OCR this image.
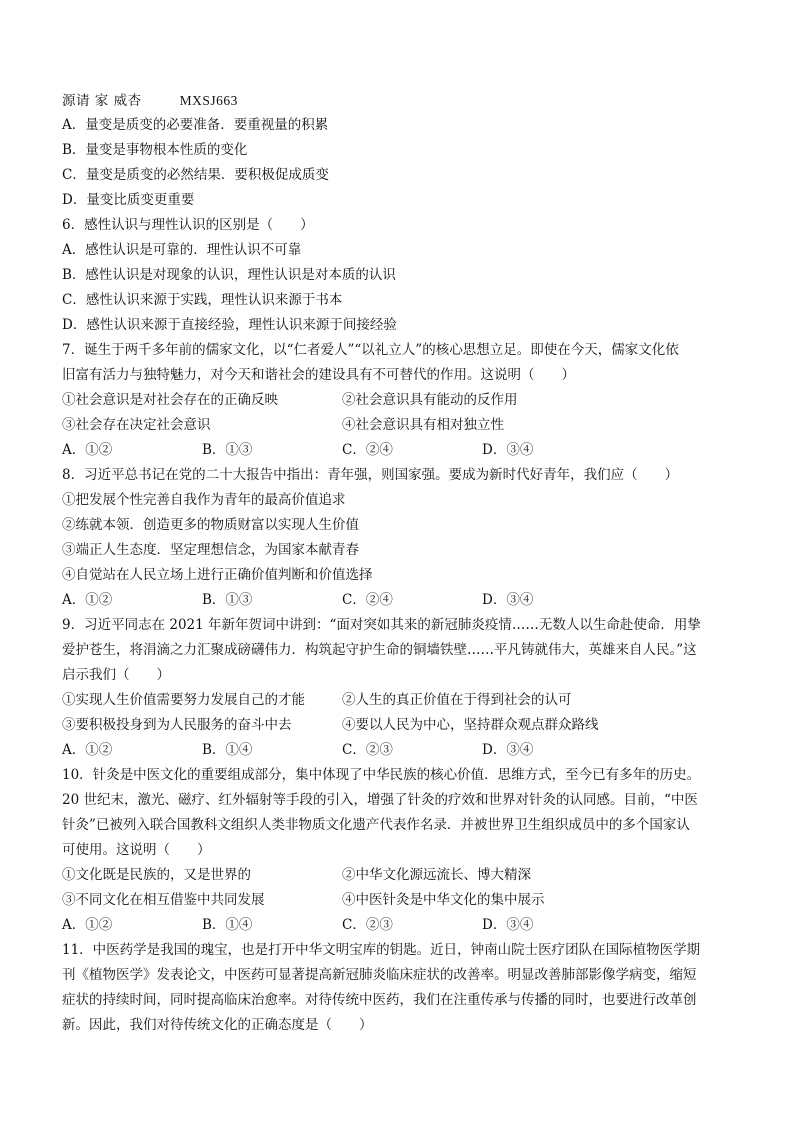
源请 家 威杏	MXSJ663
A．量变是质变的必要准备．要重视量的积累
B．量变是事物根本性质的变化
C．量变是质变的必然结果．要积极促成质变
D．量变比质变更重要
6．感性认识与理性认识的区别是（　　）
A．感性认识是可靠的．理性认识不可靠
B．感性认识是对现象的认识，理性认识是对本质的认识
C．感性认识来源于实践，理性认识来源于书本
D．感性认识来源于直接经验，理性认识来源于间接经验
7．诞生于两千多年前的儒家文化，以“仁者爱人”“以礼立人”的核心思想立足。即使在今天，儒家文化依
旧富有活力与独特魅力，对今天和谐社会的建设具有不可替代的作用。这说明（　　）
①社会意识是对社会存在的正确反映	②社会意识具有能动的反作用
③社会存在决定社会意识	④社会意识具有相对独立性
A．①②	B．①③	C．②④	D．③④
8．习近平总书记在党的二十大报告中指出：青年强，则国家强。要成为新时代好青年，我们应（　　）
①把发展个性完善自我作为青年的最高价值追求
②练就本领．创造更多的物质财富以实现人生价值
③端正人生态度．坚定理想信念，为国家本献青春
④自觉站在人民立场上进行正确价值判断和价值选择
A．①②	B．①③	C．②④	D．③④
9．习近平同志在 2021 年新年贺词中讲到：“面对突如其来的新冠肺炎疫情……无数人以生命赴使命．用挚
爱护苍生，将涓滴之力汇聚成磅礴伟力．构筑起守护生命的铜墙铁壁……平凡铸就伟大，英雄来自人民。”这
启示我们（　　）
①实现人生价值需要努力发展自己的才能	②人生的真正价值在于得到社会的认可
③要积极投身到为人民服务的奋斗中去	④要以人民为中心，坚持群众观点群众路线
A．①②	B．①④	C．②③	D．③④
10．针灸是中医文化的重要组成部分，集中体现了中华民族的核心价值．思维方式，至今已有多年的历史。
20 世纪末，激光、磁疗、红外辐射等手段的引入，增强了针灸的疗效和世界对针灸的认同感。目前，“中医
针灸”已被列入联合国教科文组织人类非物质文化遗产代表作名录．并被世界卫生组织成员中的多个国家认
可使用。这说明（　　）
①文化既是民族的，又是世界的	②中华文化源远流长、博大精深
③不同文化在相互借鉴中共同发展	④中医针灸是中华文化的集中展示
A．①②	B．①④	C．②③	D．③④
11．中医药学是我国的瑰宝，也是打开中华文明宝库的钥匙。近日，钟南山院士医疗团队在国际植物医学期
刊《植物医学》发表论文，中医药可显著提高新冠肺炎临床症状的改善率。明显改善肺部影像学病变，缩短
症状的持续时间，同时提高临床治愈率。对待传统中医药，我们在注重传承与传播的同时，也要进行改革创
新。因此，我们对待传统文化的正确态度是（　　）
